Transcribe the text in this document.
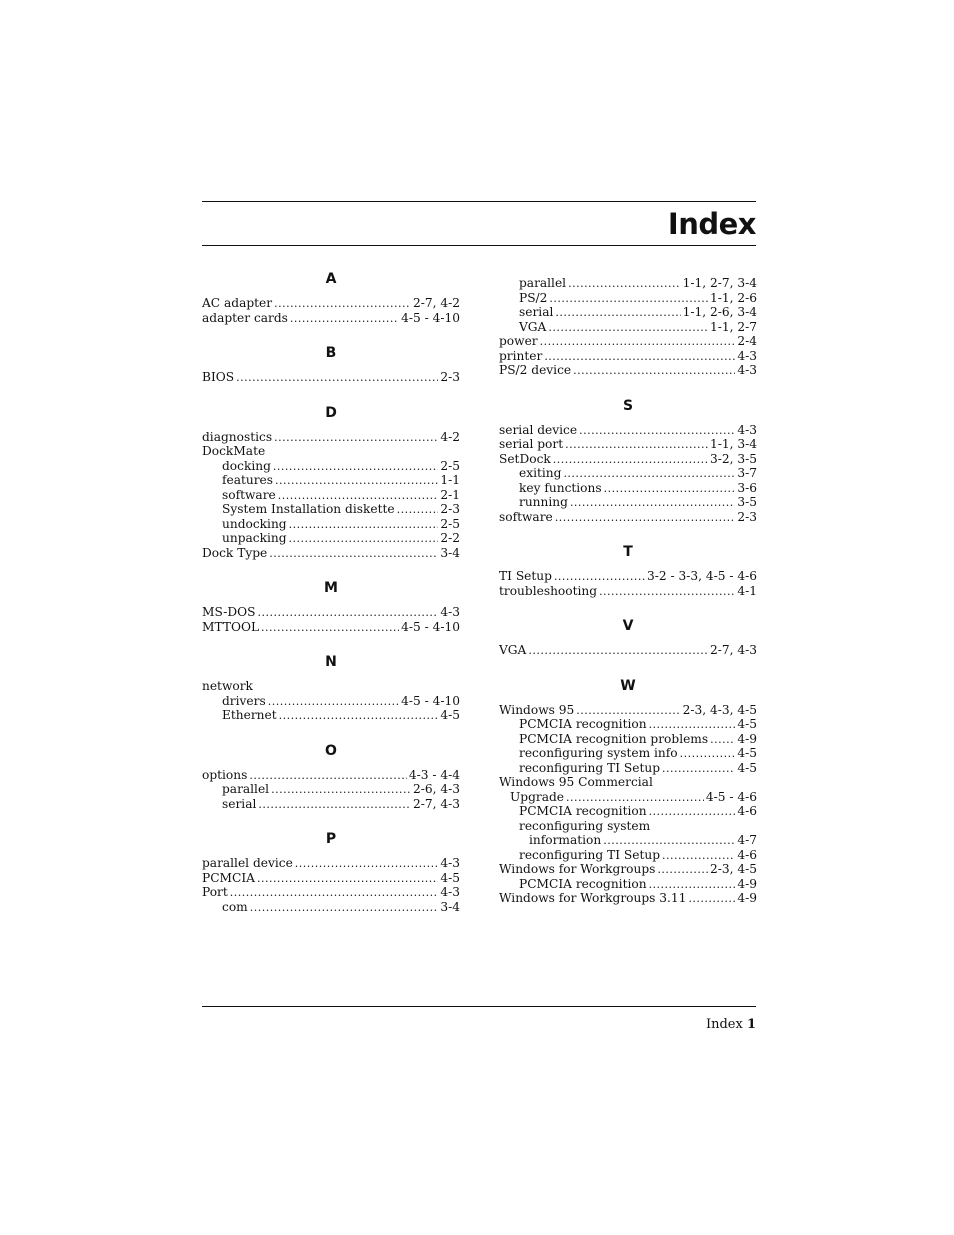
Index
A
AC adapter .....	2-7, 4-2
adapter cards .....	4-5 - 4-10
B
BIOS .....	2-3
D
diagnostics .....	4-2
DockMate
docking .....	2-5
features .....	1-1
software .....	2-1
System Installation diskette .....	2-3
undocking .....	2-5
unpacking .....	2-2
Dock Type .....	3-4
M
MS-DOS .....	4-3
MTTOOL .....	4-5 - 4-10
N
network
drivers .....	4-5 - 4-10
Ethernet .....	4-5
O
options .....	4-3 - 4-4
parallel .....	2-6, 4-3
serial .....	2-7, 4-3
P
parallel device .....	4-3
PCMCIA .....	4-5
Port .....	4-3
com .....	3-4
parallel .....	1-1, 2-7, 3-4
PS/2 .....	1-1, 2-6
serial .....	1-1, 2-6, 3-4
VGA .....	1-1, 2-7
power .....	2-4
printer .....	4-3
PS/2 device .....	4-3
S
serial device .....	4-3
serial port .....	1-1, 3-4
SetDock .....	3-2, 3-5
exiting .....	3-7
key functions .....	3-6
running .....	3-5
software .....	2-3
T
TI Setup .....	3-2 - 3-3, 4-5 - 4-6
troubleshooting .....	4-1
V
VGA .....	2-7, 4-3
W
Windows 95 .....	2-3, 4-3, 4-5
PCMCIA recognition .....	4-5
PCMCIA recognition problems ..... 4-9
reconfiguring system info .....	4-5
reconfiguring TI Setup .....	4-5
Windows 95 Commercial
Upgrade .....	4-5 - 4-6
PCMCIA recognition .....	4-6
reconfiguring system
information .....	4-7
reconfiguring TI Setup .....	4-6
Windows for Workgroups .....	2-3, 4-5
PCMCIA recognition .....	4-9
Windows for Workgroups 3.11 .....	4-9
Index 1
